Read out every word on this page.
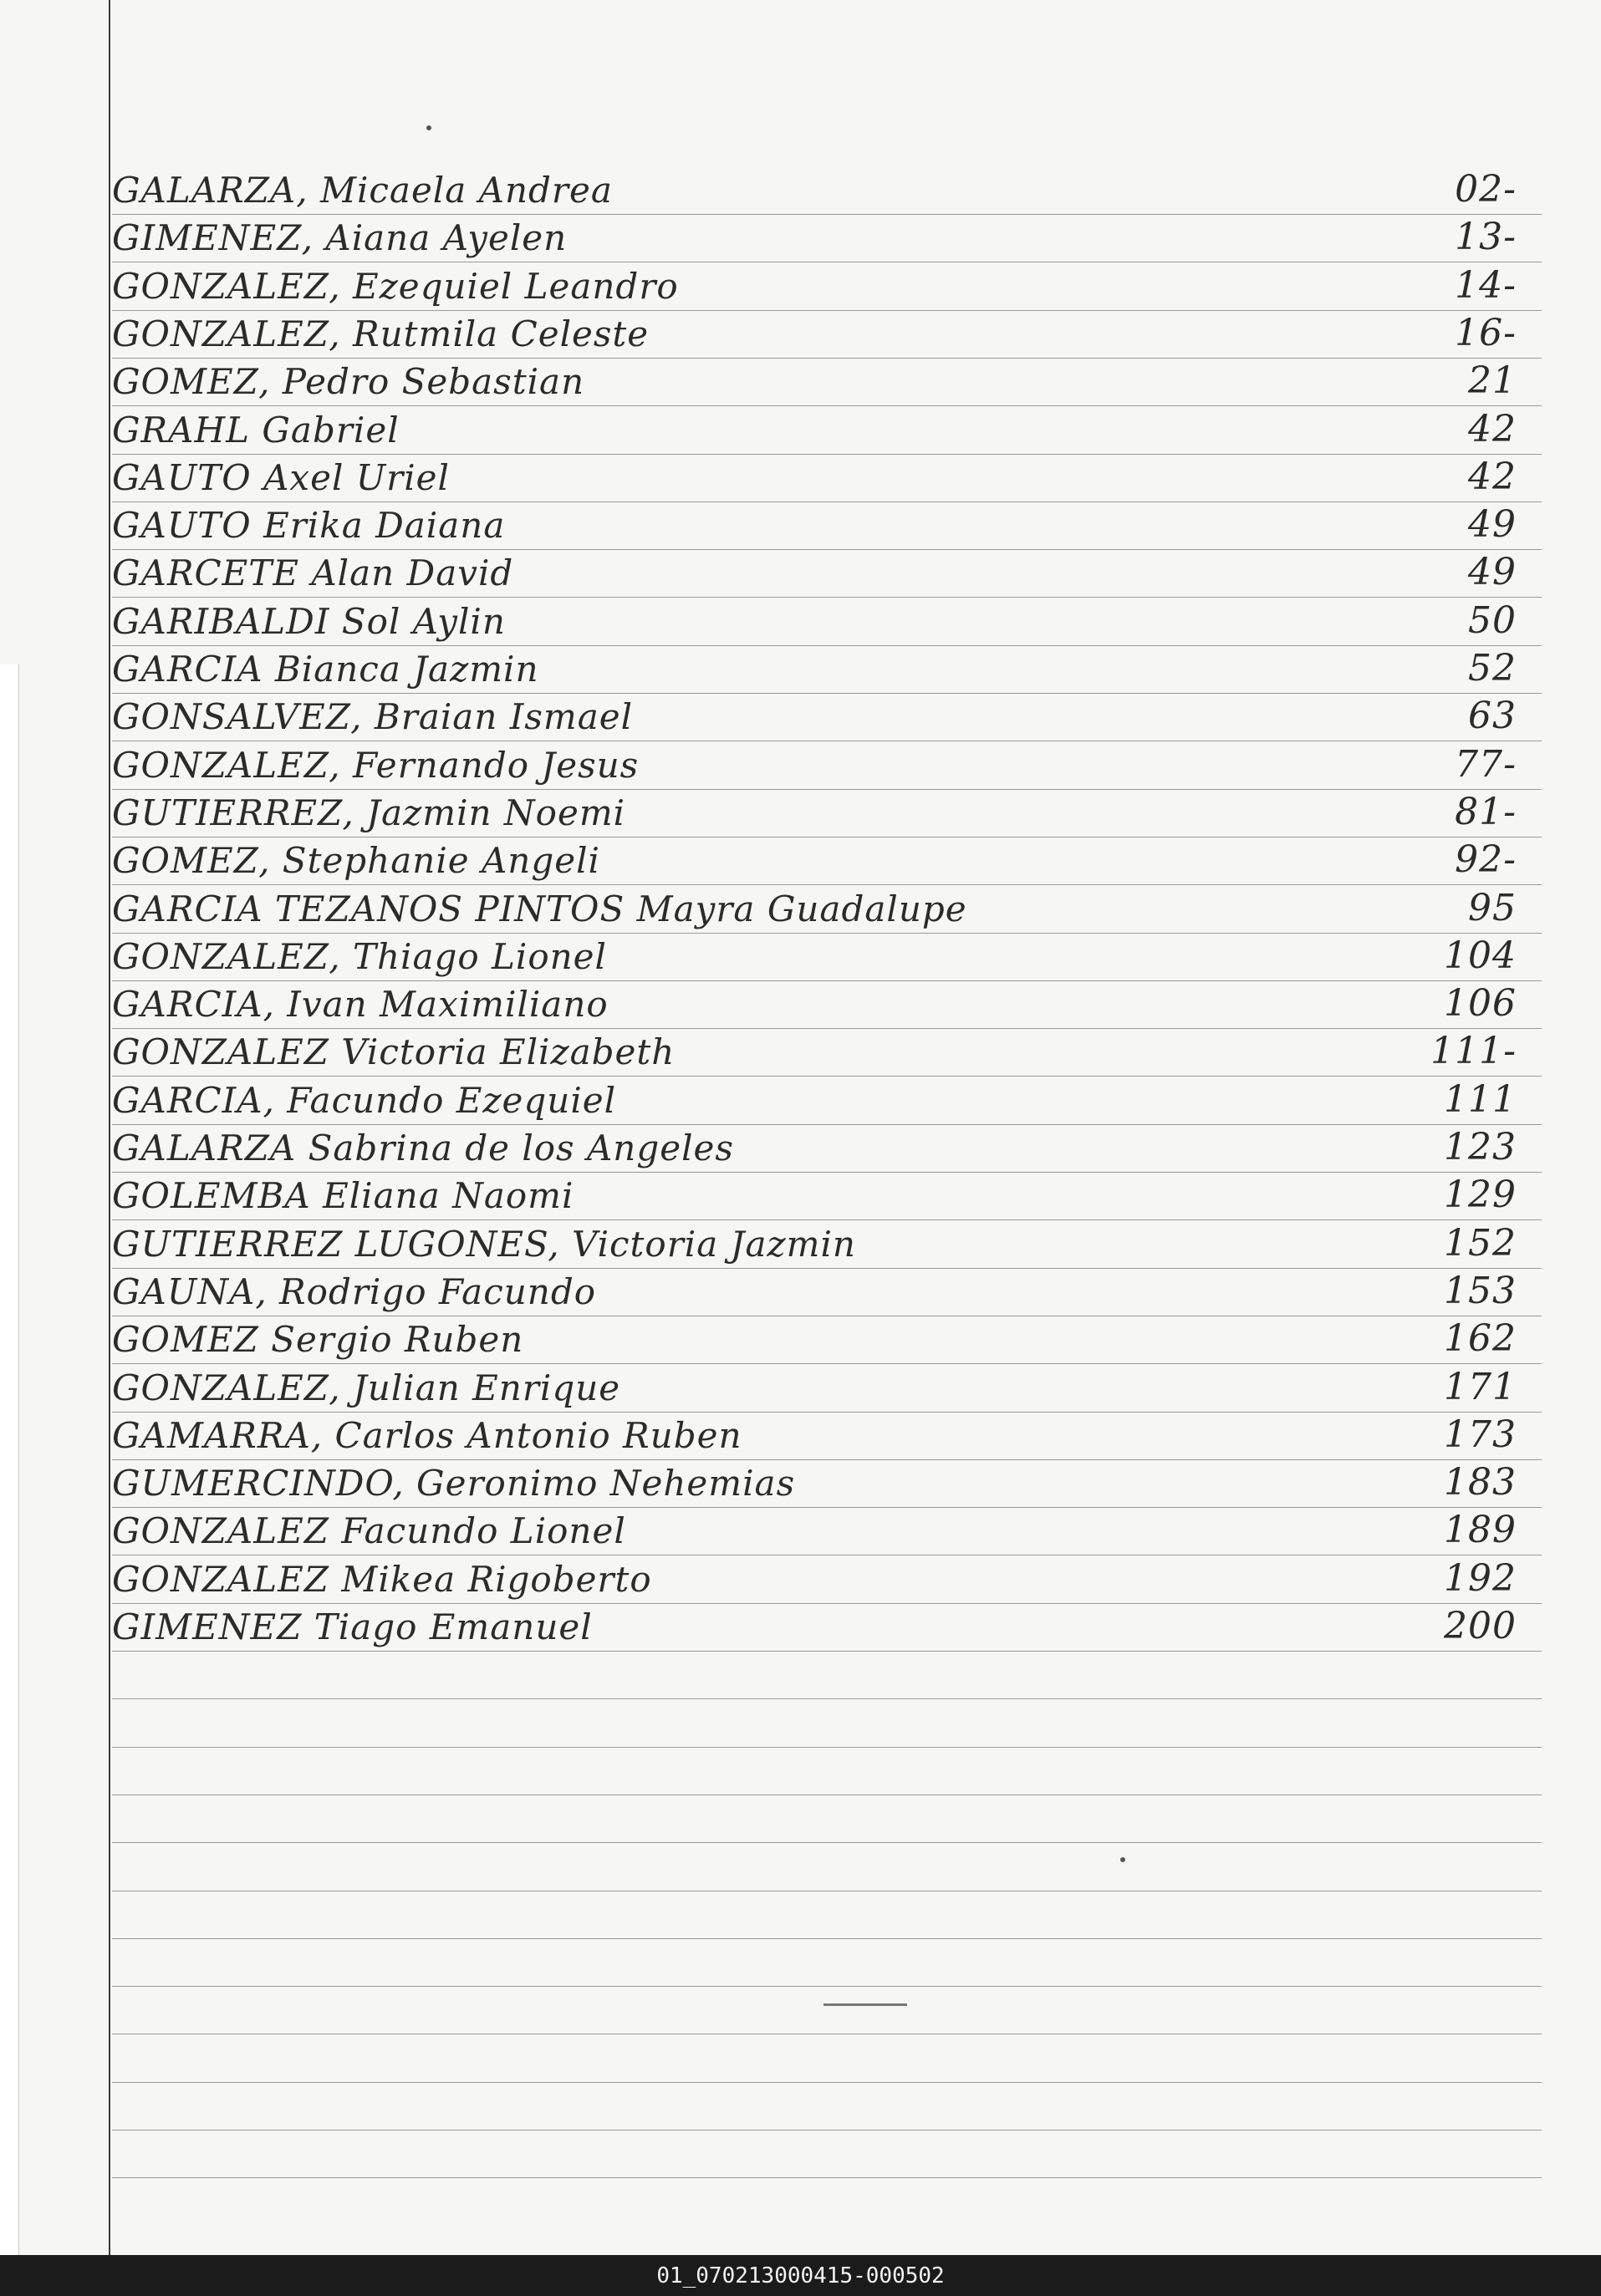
GALARZA, Micaela Andrea	02-
GIMENEZ, Aiana Ayelen	13-
GONZALEZ, Ezequiel Leandro	14-
GONZALEZ, Rutmila Celeste	16-
GOMEZ, Pedro Sebastian	21
GRAHL Gabriel	42
GAUTO Axel Uriel	42
GAUTO Erika Daiana	49
GARCETE Alan David	49
GARIBALDI Sol Aylin	50
GARCIA Bianca Jazmin	52
GONSALVEZ, Braian Ismael	63
GONZALEZ, Fernando Jesus	77-
GUTIERREZ, Jazmin Noemi	81-
GOMEZ, Stephanie Angeli	92-
GARCIA TEZANOS PINTOS Mayra Guadalupe	95
GONZALEZ, Thiago Lionel	104
GARCIA, Ivan Maximiliano	106
GONZALEZ Victoria Elizabeth	111-
GARCIA, Facundo Ezequiel	111
GALARZA Sabrina de los Angeles	123
GOLEMBA Eliana Naomi	129
GUTIERREZ LUGONES, Victoria Jazmin	152
GAUNA, Rodrigo Facundo	153
GOMEZ Sergio Ruben	162
GONZALEZ, Julian Enrique	171
GAMARRA, Carlos Antonio Ruben	173
GUMERCINDO, Geronimo Nehemias	183
GONZALEZ Facundo Lionel	189
GONZALEZ Mikea Rigoberto	192
GIMENEZ Tiago Emanuel	200
01_070213000415-000502
